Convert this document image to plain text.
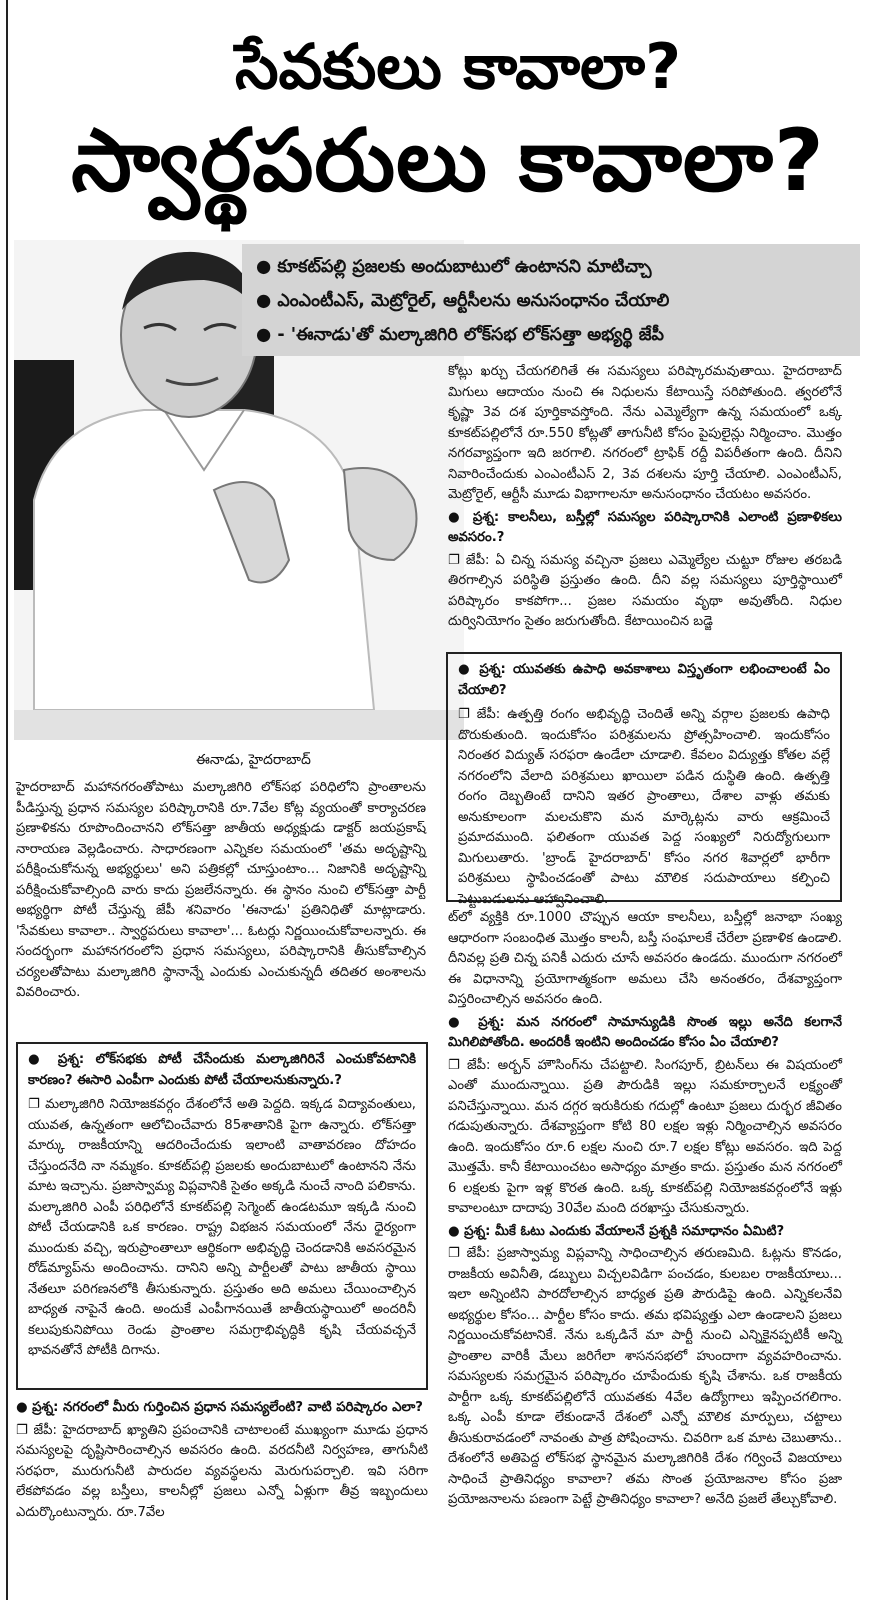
సేవకులు కావాలా?
స్వార్థపరులు కావాలా?
● కూకట్‌పల్లి ప్రజలకు అందుబాటులో ఉంటానని మాటిచ్చా
● ఎంఎంటీఎస్‌, మెట్రోరైల్‌, ఆర్టీసీలను అనుసంధానం చేయాలి
● - 'ఈనాడు'తో మల్కాజిగిరి లోక్‌సభ లోక్‌సత్తా అభ్యర్థి జేపీ
ఈనాడు, హైదరాబాద్‌

హైదరాబాద్‌ మహానగరంతోపాటు మల్కాజిగిరి లోక్‌సభ పరిధిలోని ప్రాంతాలను పీడిస్తున్న ప్రధాన సమస్యల పరిష్కారానికి రూ.7వేల కోట్ల వ్యయంతో కార్యాచరణ ప్రణాళికను రూపొందించానని లోక్‌సత్తా జాతీయ అధ్యక్షుడు డాక్టర్‌ జయప్రకాష్‌ నారాయణ వెల్లడించారు. సాధారణంగా ఎన్నికల సమయంలో 'తమ అదృష్టాన్ని పరీక్షించుకోనున్న అభ్యర్థులు' అని పత్రికల్లో చూస్తుంటాం... నిజానికి అదృష్టాన్ని పరీక్షించుకోవాల్సింది వారు కాదు ప్రజలేనన్నారు. ఈ స్థానం నుంచి లోక్‌సత్తా పార్టీ అభ్యర్థిగా పోటీ చేస్తున్న జేపీ శనివారం 'ఈనాడు' ప్రతినిధితో మాట్లాడారు. 'సేవకులు కావాలా.. స్వార్థపరులు కావాలా'... ఓటర్లు నిర్ణయించుకోవాలన్నారు. ఈ సందర్భంగా మహానగరంలోని ప్రధాన సమస్యలు, పరిష్కారానికి తీసుకోవాల్సిన చర్యలతోపాటు మల్కాజిగిరి స్థానాన్నే ఎందుకు ఎంచుకున్నదీ తదితర అంశాలను వివరించారు.

● ప్రశ్న: లోక్‌సభకు పోటీ చేసేందుకు మల్కాజిగిరినే ఎంచుకోవటానికి కారణం? ఈసారి ఎంపీగా ఎందుకు పోటీ చేయాలనుకున్నారు.?

❐ మల్కాజిగిరి నియోజకవర్గం దేశంలోనే అతి పెద్దది. ఇక్కడ విద్యావంతులు, యువత, ఉన్నతంగా ఆలోచించేవారు 85శాతానికి పైగా ఉన్నారు. లోక్‌సత్తా మార్కు రాజకీయాన్ని ఆదరించేందుకు ఇలాంటి వాతావరణం దోహదం చేస్తుందనేది నా నమ్మకం. కూకట్‌పల్లి ప్రజలకు అందుబాటులో ఉంటానని నేను మాట ఇచ్చాను. ప్రజాస్వామ్య విప్లవానికి సైతం అక్కడి నుంచే నాంది పలికాను. మల్కాజిగిరి ఎంపీ పరిధిలోనే కూకట్‌పల్లి సెగ్మెంట్‌ ఉండటమూ ఇక్కడి నుంచి పోటీ చేయడానికి ఒక కారణం. రాష్ట్ర విభజన సమయంలో నేను ధైర్యంగా ముందుకు వచ్చి, ఇరుప్రాంతాలూ ఆర్థికంగా అభివృద్ధి చెందడానికి అవసరమైన రోడ్‌మ్యాప్‌ను అందించాను. దానిని అన్ని పార్టీలతో పాటు జాతీయ స్థాయి నేతలూ పరిగణనలోకి తీసుకున్నారు. ప్రస్తుతం అది అమలు చేయించాల్సిన బాధ్యత నాపైనే ఉంది. అందుకే ఎంపీగానయితే జాతీయస్థాయిలో అందరినీ కలుపుకునిపోయి రెండు ప్రాంతాల సమగ్రాభివృద్ధికి కృషి చేయవచ్చనే భావనతోనే పోటీకి దిగాను.

● ప్రశ్న: నగరంలో మీరు గుర్తించిన ప్రధాన సమస్యలేంటి? వాటి పరిష్కారం ఎలా?

❐ జేపీ: హైదరాబాద్‌ ఖ్యాతిని ప్రపంచానికి చాటాలంటే ముఖ్యంగా మూడు ప్రధాన సమస్యలపై దృష్టిసారించాల్సిన అవసరం ఉంది. వరదనీటి నిర్వహణ, తాగునీటి సరఫరా, మురుగునీటి పారుదల వ్యవస్థలను మెరుగుపర్చాలి. ఇవి సరిగా లేకపోవడం వల్ల బస్తీలు, కాలనీల్లో ప్రజలు ఎన్నో ఏళ్లుగా తీవ్ర ఇబ్బందులు ఎదుర్కొంటున్నారు. రూ.7వేల

కోట్లు ఖర్చు చేయగలిగితే ఈ సమస్యలు పరిష్కారమవుతాయి. హైదరాబాద్‌ మిగులు ఆదాయం నుంచి ఈ నిధులను కేటాయిస్తే సరిపోతుంది. త్వరలోనే కృష్ణా 3వ దశ పూర్తికావస్తోంది. నేను ఎమ్మెల్యేగా ఉన్న సమయంలో ఒక్క కూకట్‌పల్లిలోనే రూ.550 కోట్లతో తాగునీటి కోసం పైపులైన్లు నిర్మించాం. మొత్తం నగరవ్యాప్తంగా ఇది జరగాలి. నగరంలో ట్రాఫిక్‌ రద్దీ విపరీతంగా ఉంది. దీనిని నివారించేందుకు ఎంఎంటీఎస్‌ 2, 3వ దశలను పూర్తి చేయాలి. ఎంఎంటీఎస్‌, మెట్రోరైల్‌, ఆర్టీసీ మూడు విభాగాలనూ అనుసంధానం చేయటం అవసరం.

● ప్రశ్న: కాలనీలు, బస్తీల్లో సమస్యల పరిష్కారానికి ఎలాంటి ప్రణాళికలు అవసరం.?

❐ జేపీ: ఏ చిన్న సమస్య వచ్చినా ప్రజలు ఎమ్మెల్యేల చుట్టూ రోజుల తరబడి తిరగాల్సిన పరిస్థితి ప్రస్తుతం ఉంది. దీని వల్ల సమస్యలు పూర్తిస్థాయిలో పరిష్కారం కాకపోగా... ప్రజల సమయం వృథా అవుతోంది. నిధుల దుర్వినియోగం సైతం జరుగుతోంది. కేటాయించిన బడ్జె

● ప్రశ్న: యువతకు ఉపాధి అవకాశాలు విస్తృతంగా లభించాలంటే ఏం చేయాలి?

❐ జేపీ: ఉత్పత్తి రంగం అభివృద్ధి చెందితే అన్ని వర్గాల ప్రజలకు ఉపాధి దొరుకుతుంది. ఇందుకోసం పరిశ్రమలను ప్రోత్సహించాలి. ఇందుకోసం నిరంతర విద్యుత్‌ సరఫరా ఉండేలా చూడాలి. కేవలం విద్యుత్తు కోతల వల్లే నగరంలోని వేలాది పరిశ్రమలు ఖాయిలా పడిన దుస్థితి ఉంది. ఉత్పత్తి రంగం దెబ్బతింటే దానిని ఇతర ప్రాంతాలు, దేశాల వాళ్లు తమకు అనుకూలంగా మలచుకొని మన మార్కెట్లను వారు ఆక్రమించే ప్రమాదముంది. ఫలితంగా యువత పెద్ద సంఖ్యలో నిరుద్యోగులుగా మిగులుతారు. 'బ్రాండ్‌ హైదరాబాద్‌' కోసం నగర శివార్లలో భారీగా పరిశ్రమలు స్థాపించడంతో పాటు మౌలిక సదుపాయాలు కల్పించి పెట్టుబడులను ఆహ్వానించాలి.

ట్‌లో వ్యక్తికి రూ.1000 చొప్పున ఆయా కాలనీలు, బస్తీల్లో జనాభా సంఖ్య ఆధారంగా సంబంధిత మొత్తం కాలనీ, బస్తీ సంఘాలకే చేరేలా ప్రణాళిక ఉండాలి. దీనివల్ల ప్రతి చిన్న పనికీ ఎదురు చూసే అవసరం ఉండదు. ముందుగా నగరంలో ఈ విధానాన్ని ప్రయోగాత్మకంగా అమలు చేసి అనంతరం, దేశవ్యాప్తంగా విస్తరించాల్సిన అవసరం ఉంది.

● ప్రశ్న: మన నగరంలో సామాన్యుడికి సొంత ఇల్లు అనేది కలగానే మిగిలిపోతోంది. అందరికీ ఇంటిని అందించడం కోసం ఏం చేయాలి?

❐ జేపీ: అర్బన్‌ హౌసింగ్‌ను చేపట్టాలి. సింగపూర్‌, బ్రిటన్‌లు ఈ విషయంలో ఎంతో ముందున్నాయి. ప్రతి పౌరుడికి ఇల్లు సమకూర్చాలనే లక్ష్యంతో పనిచేస్తున్నాయి. మన దగ్గర ఇరుకిరుకు గదుల్లో ఉంటూ ప్రజలు దుర్భర జీవితం గడుపుతున్నారు. దేశవ్యాప్తంగా కోటి 80 లక్షల ఇళ్లు నిర్మించాల్సిన అవసరం ఉంది. ఇందుకోసం రూ.6 లక్షల నుంచి రూ.7 లక్షల కోట్లు అవసరం. ఇది పెద్ద మొత్తమే. కానీ కేటాయించటం అసాధ్యం మాత్రం కాదు. ప్రస్తుతం మన నగరంలో 6 లక్షలకు పైగా ఇళ్ల కొరత ఉంది. ఒక్క కూకట్‌పల్లి నియోజకవర్గంలోనే ఇళ్లు కావాలంటూ దాదాపు 30వేల మంది దరఖాస్తు చేసుకున్నారు.

● ప్రశ్న: మీకే ఓటు ఎందుకు వేయాలనే ప్రశ్నకి సమాధానం ఏమిటి?

❐ జేపీ: ప్రజాస్వామ్య విప్లవాన్ని సాధించాల్సిన తరుణమిది. ఓట్లను కొనడం, రాజకీయ అవినీతి, డబ్బులు విచ్చలవిడిగా పంచడం, కులబల రాజకీయాలు... ఇలా అన్నింటిని పారదోలాల్సిన బాధ్యత ప్రతి పౌరుడిపై ఉంది. ఎన్నికలనేవి అభ్యర్థుల కోసం... పార్టీల కోసం కాదు. తమ భవిష్యత్తు ఎలా ఉండాలని ప్రజలు నిర్ణయించుకోవటానికే. నేను ఒక్కడినే మా పార్టీ నుంచి ఎన్నికైనప్పటికీ అన్ని ప్రాంతాల వారికీ మేలు జరిగేలా శాసనసభలో హుందాగా వ్యవహరించాను. సమస్యలకు సమగ్రమైన పరిష్కారం చూపేందుకు కృషి చేశాను. ఒక రాజకీయ పార్టీగా ఒక్క కూకట్‌పల్లిలోనే యువతకు 4వేల ఉద్యోగాలు ఇప్పించగలిగాం. ఒక్క ఎంపీ కూడా లేకుండానే దేశంలో ఎన్నో మౌలిక మార్పులు, చట్టాలు తీసుకురావడంలో నావంతు పాత్ర పోషించాను. చివరిగా ఒక మాట చెబుతాను.. దేశంలోనే అతిపెద్ద లోక్‌సభ స్థానమైన మల్కాజిగిరికి దేశం గర్వించే విజయాలు సాధించే ప్రాతినిధ్యం కావాలా? తమ సొంత ప్రయోజనాల కోసం ప్రజా ప్రయోజనాలను పణంగా పెట్టే ప్రాతినిధ్యం కావాలా? అనేది ప్రజలే తేల్చుకోవాలి.
